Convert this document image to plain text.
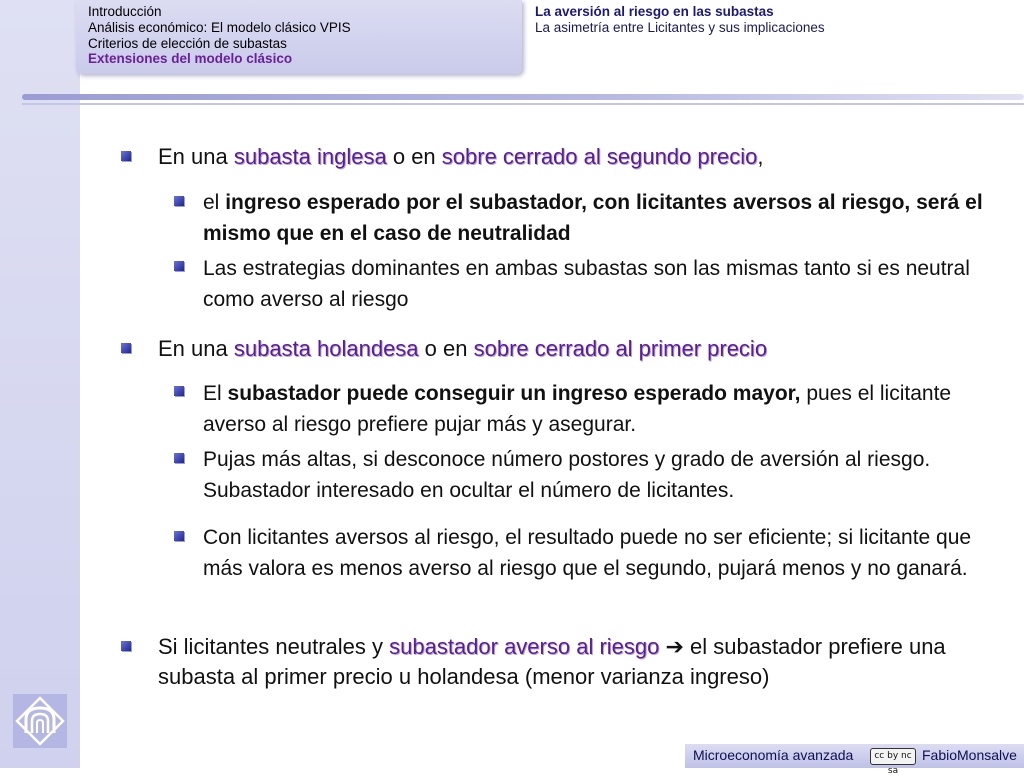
Introducción
Análisis económico: El modelo clásico VPIS
Criterios de elección de subastas
Extensiones del modelo clásico
La aversión al riesgo en las subastas
La asimetría entre Licitantes y sus implicaciones
En una subasta inglesa o en sobre cerrado al segundo precio,
el ingreso esperado por el subastador, con licitantes aversos al riesgo, será el mismo que en el caso de neutralidad
Las estrategias dominantes en ambas subastas son las mismas tanto si es neutral como averso al riesgo
En una subasta holandesa o en sobre cerrado al primer precio
El subastador puede conseguir un ingreso esperado mayor, pues el licitante averso al riesgo prefiere pujar más y asegurar.
Pujas más altas, si desconoce número postores y grado de aversión al riesgo. Subastador interesado en ocultar el número de licitantes.
Con licitantes aversos al riesgo, el resultado puede no ser eficiente; si licitante que más valora es menos averso al riesgo que el segundo, pujará menos y no ganará.
Si licitantes neutrales y subastador averso al riesgo ➔ el subastador prefiere una subasta al primer precio u holandesa (menor varianza ingreso)
Microeconomía avanzada	cc by nc sa
FabioMonsalve
